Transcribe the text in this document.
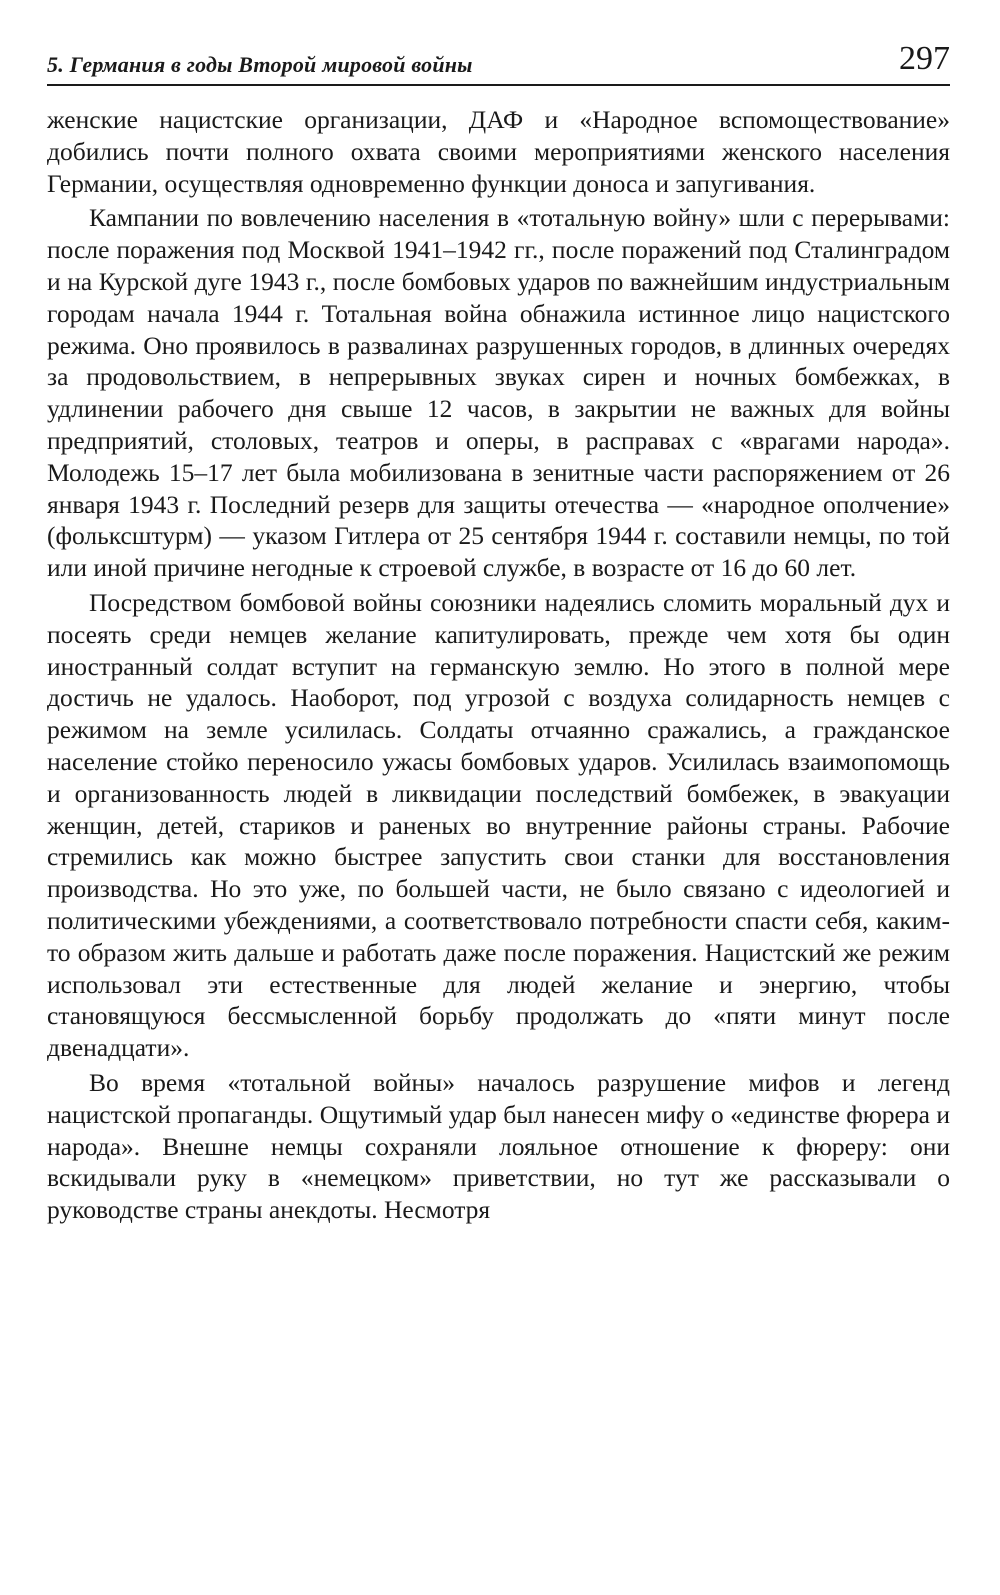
5. Германия в годы Второй мировой войны	297

женские нацистские организации, ДАФ и «Народное вспомоществование» добились почти полного охвата своими мероприятиями женского населения Германии, осуществляя одновременно функции доноса и запугивания.

Кампании по вовлечению населения в «тотальную войну» шли с перерывами: после поражения под Москвой 1941–1942 гг., после поражений под Сталинградом и на Курской дуге 1943 г., после бомбовых ударов по важнейшим индустриальным городам начала 1944 г. Тотальная война обнажила истинное лицо нацистского режима. Оно проявилось в развалинах разрушенных городов, в длинных очередях за продовольствием, в непрерывных звуках сирен и ночных бомбежках, в удлинении рабочего дня свыше 12 часов, в закрытии не важных для войны предприятий, столовых, театров и оперы, в расправах с «врагами народа». Молодежь 15–17 лет была мобилизована в зенитные части распоряжением от 26 января 1943 г. Последний резерв для защиты отечества — «народное ополчение» (фольксштурм) — указом Гитлера от 25 сентября 1944 г. составили немцы, по той или иной причине негодные к строевой службе, в возрасте от 16 до 60 лет.

Посредством бомбовой войны союзники надеялись сломить моральный дух и посеять среди немцев желание капитулировать, прежде чем хотя бы один иностранный солдат вступит на германскую землю. Но этого в полной мере достичь не удалось. Наоборот, под угрозой с воздуха солидарность немцев с режимом на земле усилилась. Солдаты отчаянно сражались, а гражданское население стойко переносило ужасы бомбовых ударов. Усилилась взаимопомощь и организованность людей в ликвидации последствий бомбежек, в эвакуации женщин, детей, стариков и раненых во внутренние районы страны. Рабочие стремились как можно быстрее запустить свои станки для восстановления производства. Но это уже, по большей части, не было связано с идеологией и политическими убеждениями, а соответствовало потребности спасти себя, каким-то образом жить дальше и работать даже после поражения. Нацистский же режим использовал эти естественные для людей желание и энергию, чтобы становящуюся бессмысленной борьбу продолжать до «пяти минут после двенадцати».

Во время «тотальной войны» началось разрушение мифов и легенд нацистской пропаганды. Ощутимый удар был нанесен мифу о «единстве фюрера и народа». Внешне немцы сохраняли лояльное отношение к фюреру: они вскидывали руку в «немецком» приветствии, но тут же рассказывали о руководстве страны анекдоты. Несмотря
